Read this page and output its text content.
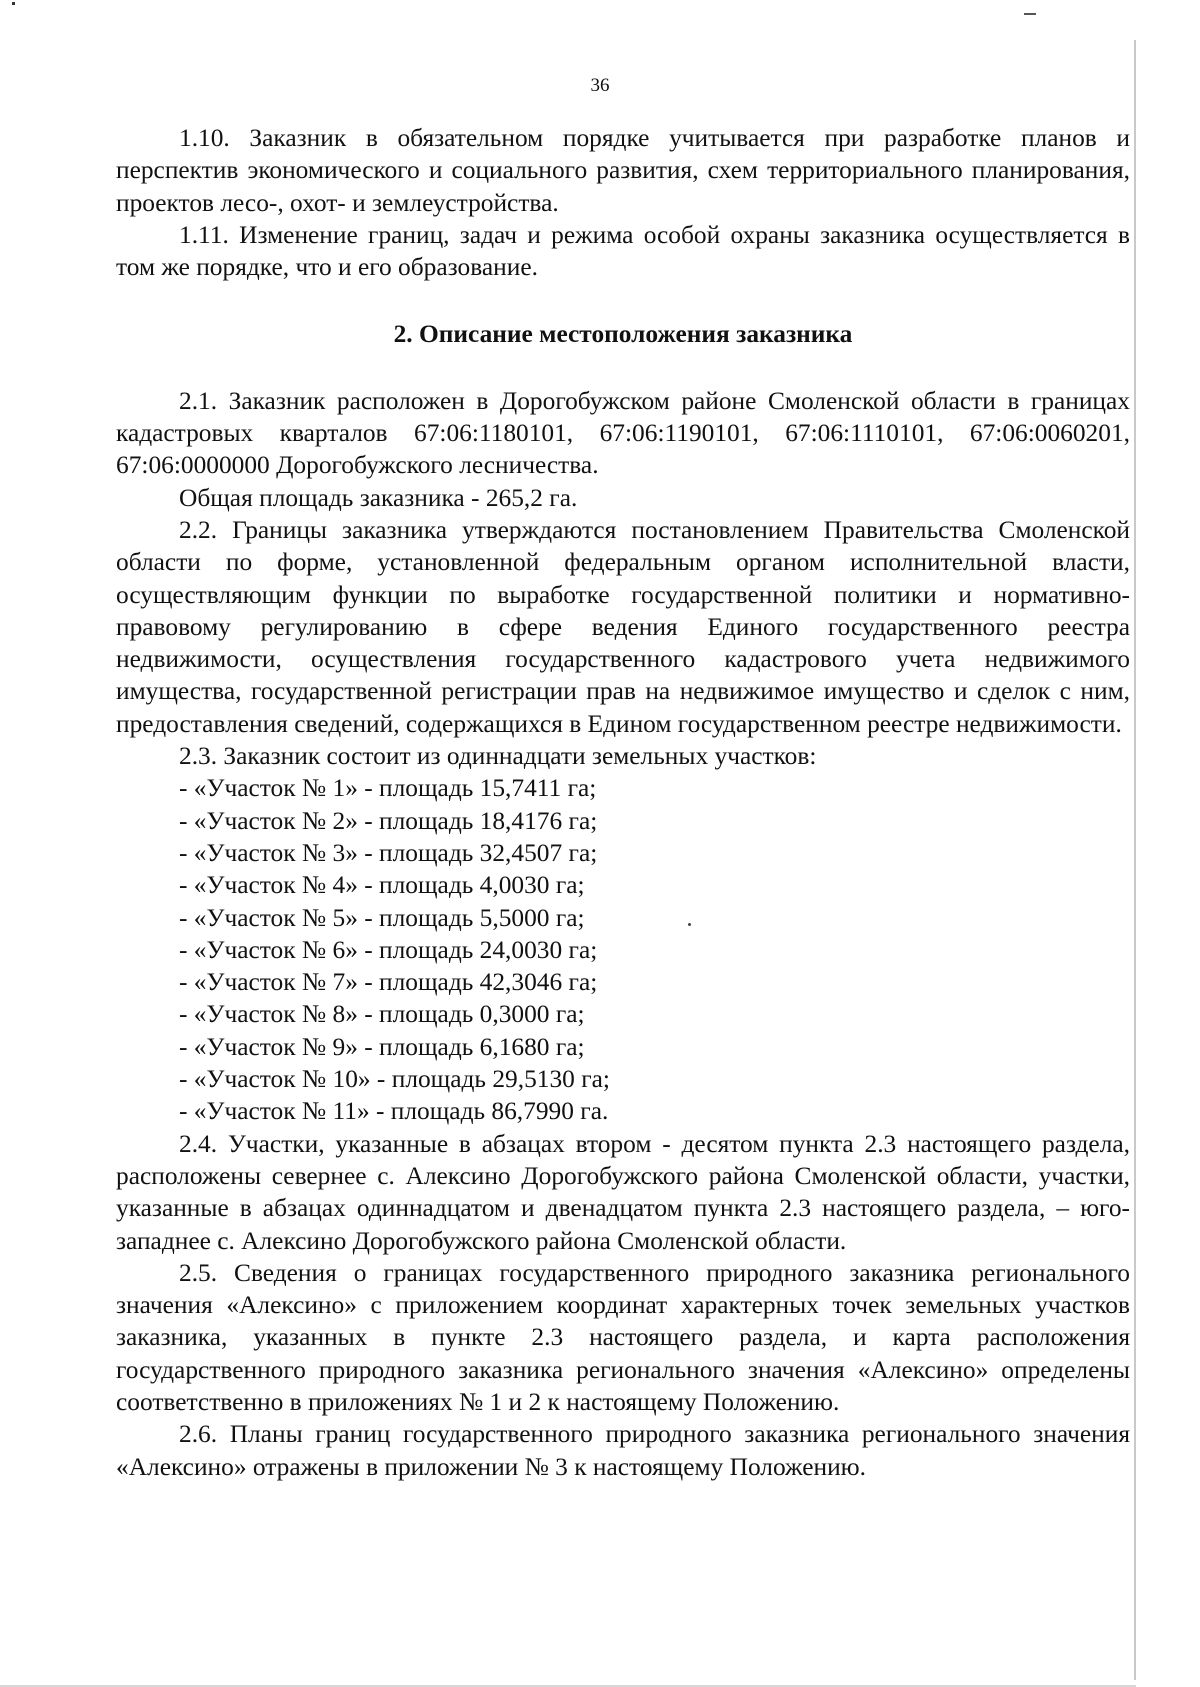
36

1.10. Заказник в обязательном порядке учитывается при разработке планов и перспектив экономического и социального развития, схем территориального планирования, проектов лесо-, охот- и землеустройства.

1.11. Изменение границ, задач и режима особой охраны заказника осуществляется в том же порядке, что и его образование.

2. Описание местоположения заказника

2.1. Заказник расположен в Дорогобужском районе Смоленской области в границах кадастровых кварталов 67:06:1180101, 67:06:1190101, 67:06:1110101, 67:06:0060201, 67:06:0000000 Дорогобужского лесничества.

Общая площадь заказника - 265,2 га.

2.2. Границы заказника утверждаются постановлением Правительства Смоленской области по форме, установленной федеральным органом исполнительной власти, осуществляющим функции по выработке государственной политики и нормативно-правовому регулированию в сфере ведения Единого государственного реестра недвижимости, осуществления государственного кадастрового учета недвижимого имущества, государственной регистрации прав на недвижимое имущество и сделок с ним, предоставления сведений, содержащихся в Едином государственном реестре недвижимости.

2.3. Заказник состоит из одиннадцати земельных участков:

- «Участок № 1» - площадь 15,7411 га;
- «Участок № 2» - площадь 18,4176 га;
- «Участок № 3» - площадь 32,4507 га;
- «Участок № 4» - площадь 4,0030 га;
- «Участок № 5» - площадь 5,5000 га;
- «Участок № 6» - площадь 24,0030 га;
- «Участок № 7» - площадь 42,3046 га;
- «Участок № 8» - площадь 0,3000 га;
- «Участок № 9» - площадь 6,1680 га;
- «Участок № 10» - площадь 29,5130 га;
- «Участок № 11» - площадь 86,7990 га.

2.4. Участки, указанные в абзацах втором - десятом пункта 2.3 настоящего раздела, расположены севернее с. Алексино Дорогобужского района Смоленской области, участки, указанные в абзацах одиннадцатом и двенадцатом пункта 2.3 настоящего раздела, – юго-западнее с. Алексино Дорогобужского района Смоленской области.

2.5. Сведения о границах государственного природного заказника регионального значения «Алексино» с приложением координат характерных точек земельных участков заказника, указанных в пункте 2.3 настоящего раздела, и карта расположения государственного природного заказника регионального значения «Алексино» определены соответственно в приложениях № 1 и 2 к настоящему Положению.

2.6. Планы границ государственного природного заказника регионального значения «Алексино» отражены в приложении № 3 к настоящему Положению.
